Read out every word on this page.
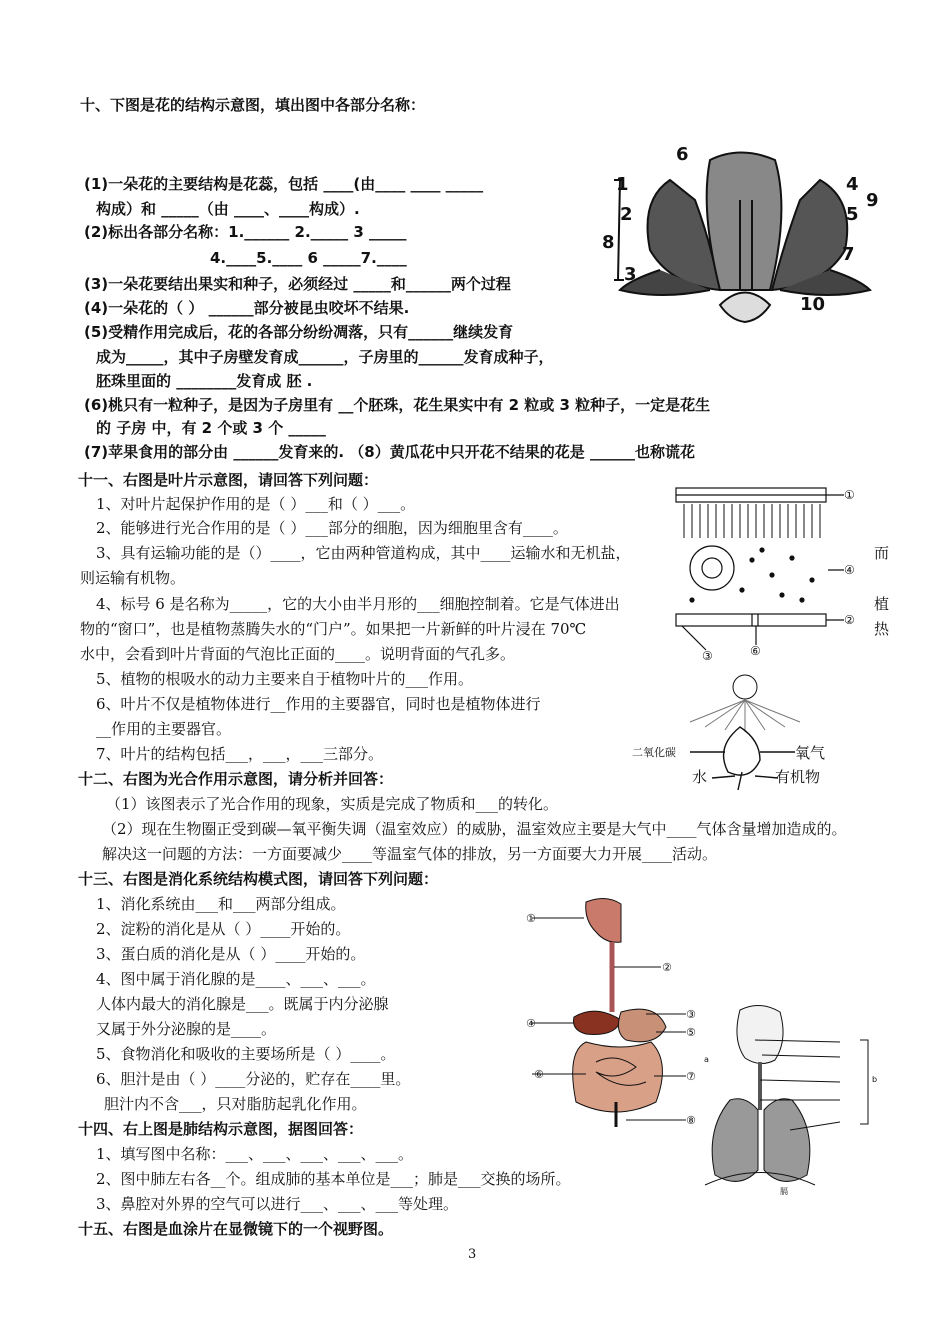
十、下图是花的结构示意图，填出图中各部分名称：
(1)一朵花的主要结构是花蕊，包括 ____(由____ ____ _____
构成）和 _____（由 ____、____构成）.
(2)标出各部分名称：1.______ 2._____ 3 _____
4.____5.____ 6 _____7.____
(3)一朵花要结出果实和种子，必须经过 _____和______两个过程
(4)一朵花的（ ） ______部分被昆虫咬坏不结果.
(5)受精作用完成后，花的各部分纷纷凋落，只有______继续发育
成为_____，其中子房壁发育成______，子房里的______发育成种子，
胚珠里面的 ________发育成 胚 .
(6)桃只有一粒种子，是因为子房里有 __个胚珠，花生果实中有 2 粒或 3 粒种子，一定是花生
的 子房 中，有 2 个或 3 个 _____
(7)苹果食用的部分由 ______发育来的. （8）黄瓜花中只开花不结果的花是 ______也称谎花
6
1
2
3
4
5
7
8
9
10
十一、右图是叶片示意图，请回答下列问题：
1、对叶片起保护作用的是（ ）___和（ ）___。
2、能够进行光合作用的是（ ）___部分的细胞，因为细胞里含有____。
3、具有运输功能的是（）____，它由两种管道构成，其中____运输水和无机盐，	而
则运输有机物。
4、标号 6 是名称为_____，它的大小由半月形的___细胞控制着。它是气体进出	植
物的“窗口”，也是植物蒸腾失水的“门户”。如果把一片新鲜的叶片浸在 70℃	热
水中，会看到叶片背面的气泡比正面的____。说明背面的气孔多。
5、植物的根吸水的动力主要来自于植物叶片的___作用。
6、叶片不仅是植物体进行__作用的主要器官，同时也是植物体进行
__作用的主要器官。
7、叶片的结构包括___，___，___三部分。
①
④
②
③	⑥
二氧化碳	氧气
水	有机物
十二、右图为光合作用示意图，请分析并回答：
（1）该图表示了光合作用的现象，实质是完成了物质和___的转化。
（2）现在生物圈正受到碳—氧平衡失调（温室效应）的威胁，温室效应主要是大气中____气体含量增加造成的。
解决这一问题的方法：一方面要减少____等温室气体的排放，另一方面要大力开展____活动。
十三、右图是消化系统结构模式图，请回答下列问题：
1、消化系统由___和___两部分组成。
2、淀粉的消化是从（ ）____开始的。
3、蛋白质的消化是从（ ）____开始的。
4、图中属于消化腺的是____、___、___。
人体内最大的消化腺是___。既属于内分泌腺
又属于外分泌腺的是____。
5、食物消化和吸收的主要场所是（ ）____。
6、胆汁是由（ ）____分泌的，贮存在____里。
胆汁内不含___，只对脂肪起乳化作用。
①
②
③
④
⑤
⑥	⑦
⑧
a
b
膈
十四、右上图是肺结构示意图，据图回答：
1、填写图中名称：___、___、___、___、___。
2、图中肺左右各__个。组成肺的基本单位是___；肺是___交换的场所。
3、鼻腔对外界的空气可以进行___、___、___等处理。
十五、右图是血涂片在显微镜下的一个视野图。
3
